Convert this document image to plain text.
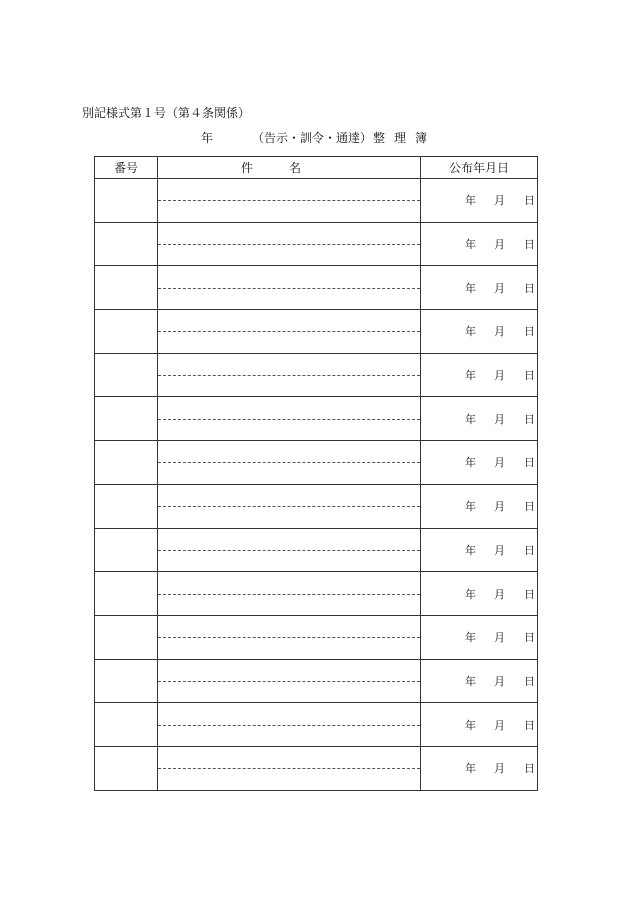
別記様式第１号（第４条関係）
年	（告示・訓令・通達） 整理簿
番号	件名	公布年月日

		年 月 日

		年 月 日

		年 月 日

		年 月 日

		年 月 日

		年 月 日

		年 月 日

		年 月 日

		年 月 日

		年 月 日

		年 月 日

		年 月 日

		年 月 日

		年 月 日
